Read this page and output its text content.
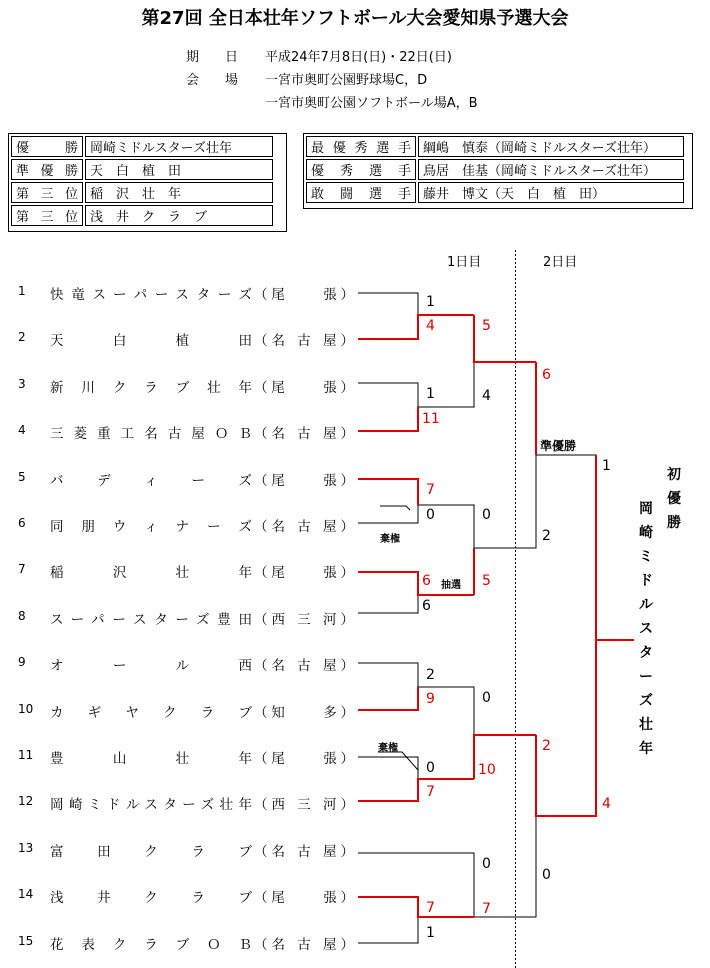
第27回 全日本壮年ソフトボール大会愛知県予選大会
期　　日 平成24年7月8日(日)・22日(日)
会　　場 一宮市奥町公園野球場C，D
一宮市奥町公園ソフトボール場A，B
優　勝	岡崎ミドルスターズ壮年
準優勝	天　白　植　田
第三位	稲　沢　壮　年
第三位	浅　井　ク　ラ　ブ
最優秀選手	綱嶋　慎泰（岡崎ミドルスターズ壮年）
優秀選手	鳥居　佳基（岡崎ミドルスターズ壮年）
敢闘選手	藤井　博文（天　白　植　田）
1日目	2日目
1 快竜スーパースターズ （尾　　張）
2 天　白　植　田 （名 古 屋）
3 新 川 ク ラ ブ 壮 年 （尾　　張）
4 三菱重工名古屋ＯＢ （名 古 屋）
5 バ　デ　ィ　ー　ズ （尾　　張）
6 同 朋 ウ ィ ナ ー ズ （名 古 屋）
7 稲　沢　壮　年 （尾　　張）
8 スーパースターズ豊田 （西 三 河）
9 オ　ー　ル　西 （名 古 屋）
10 カ ギ ヤ ク ラ ブ （知　　多）
11 豊　山　壮　年 （尾　　張）
12 岡崎ミドルスターズ壮年 （西 三 河）
13 富 田 ク ラ ブ （名 古 屋）
14 浅　井　ク　ラ　ブ （尾　　張）
15 花 表 ク ラ ブ Ｏ Ｂ （名 古 屋）
1
4
1
11
7
0
6
6
2
9
0
7
7
1
5
4
0
5
0
10
0
7
6
2
2
0
1
4
棄権
抽選
棄権
準優勝
初
優
勝
岡
崎
ミ
ド
ル
ス
タ
ー
ズ
壮
年
